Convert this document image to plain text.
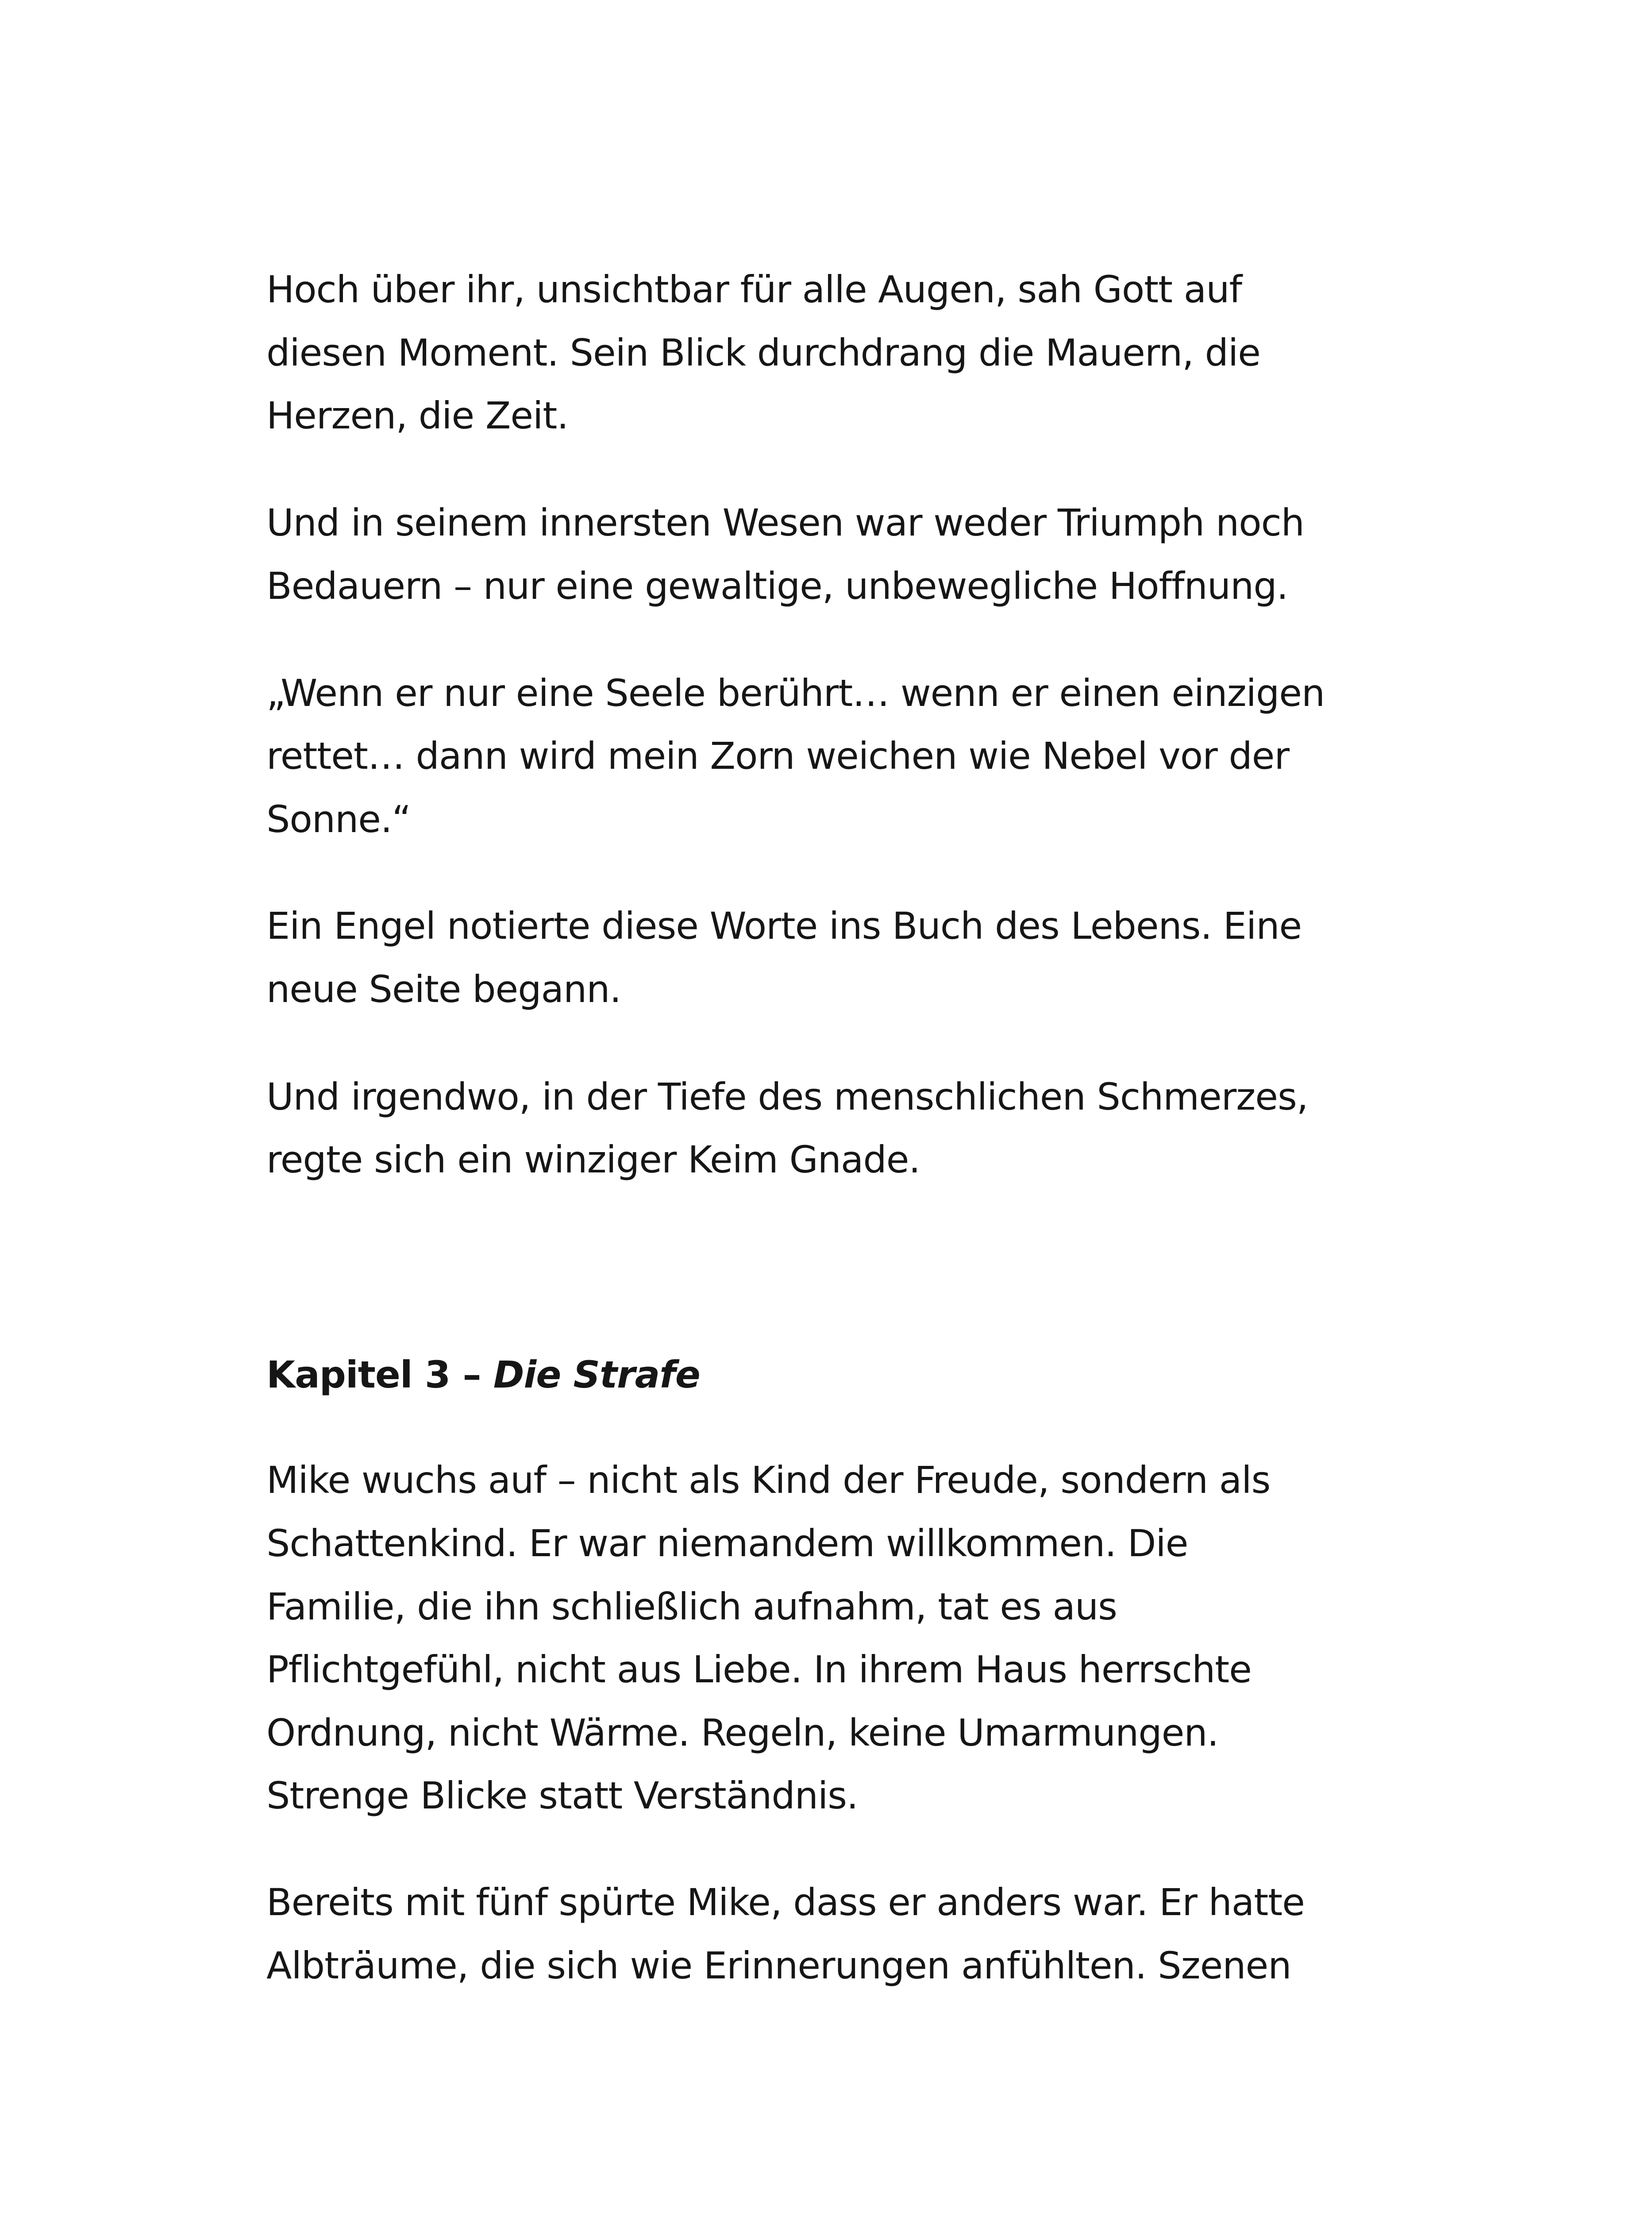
Hoch über ihr, unsichtbar für alle Augen, sah Gott auf

diesen Moment. Sein Blick durchdrang die Mauern, die

Herzen, die Zeit.

Und in seinem innersten Wesen war weder Triumph noch

Bedauern – nur eine gewaltige, unbewegliche Hoffnung.

„Wenn er nur eine Seele berührt… wenn er einen einzigen

rettet… dann wird mein Zorn weichen wie Nebel vor der

Sonne.“

Ein Engel notierte diese Worte ins Buch des Lebens. Eine

neue Seite begann.

Und irgendwo, in der Tiefe des menschlichen Schmerzes,

regte sich ein winziger Keim Gnade.

Kapitel 3 – Die Strafe

Mike wuchs auf – nicht als Kind der Freude, sondern als

Schattenkind. Er war niemandem willkommen. Die

Familie, die ihn schließlich aufnahm, tat es aus

Pflichtgefühl, nicht aus Liebe. In ihrem Haus herrschte

Ordnung, nicht Wärme. Regeln, keine Umarmungen.

Strenge Blicke statt Verständnis.

Bereits mit fünf spürte Mike, dass er anders war. Er hatte

Albträume, die sich wie Erinnerungen anfühlten. Szenen
